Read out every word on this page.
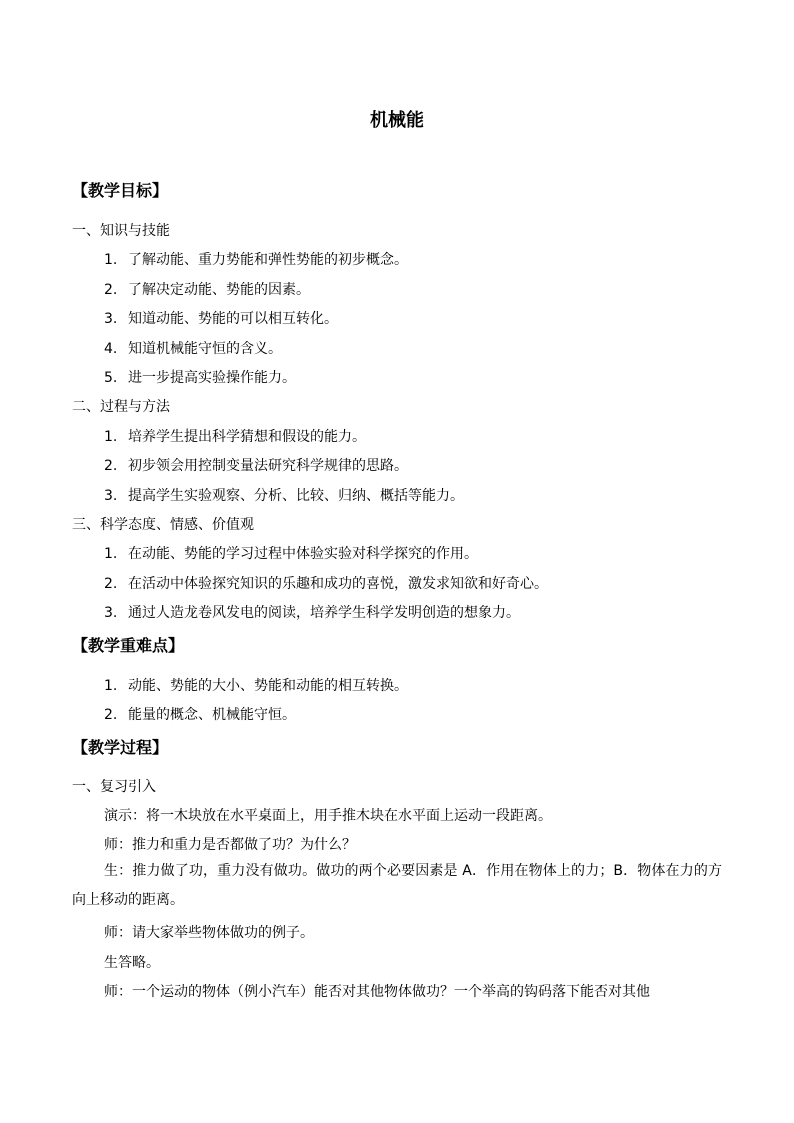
机械能
【教学目标】
一、知识与技能
1. 了解动能、重力势能和弹性势能的初步概念。
2. 了解决定动能、势能的因素。
3. 知道动能、势能的可以相互转化。
4. 知道机械能守恒的含义。
5. 进一步提高实验操作能力。
二、过程与方法
1. 培养学生提出科学猜想和假设的能力。
2. 初步领会用控制变量法研究科学规律的思路。
3. 提高学生实验观察、分析、比较、归纳、概括等能力。
三、科学态度、情感、价值观
1. 在动能、势能的学习过程中体验实验对科学探究的作用。
2. 在活动中体验探究知识的乐趣和成功的喜悦，激发求知欲和好奇心。
3. 通过人造龙卷风发电的阅读，培养学生科学发明创造的想象力。
【教学重难点】
1. 动能、势能的大小、势能和动能的相互转换。
2. 能量的概念、机械能守恒。
【教学过程】
一、复习引入
演示：将一木块放在水平桌面上，用手推木块在水平面上运动一段距离。
师：推力和重力是否都做了功？为什么？
生：推力做了功，重力没有做功。做功的两个必要因素是 A．作用在物体上的力；B．物体在力的方向上移动的距离。
师：请大家举些物体做功的例子。
生答略。
师：一个运动的物体（例小汽车）能否对其他物体做功？一个举高的钩码落下能否对其他
